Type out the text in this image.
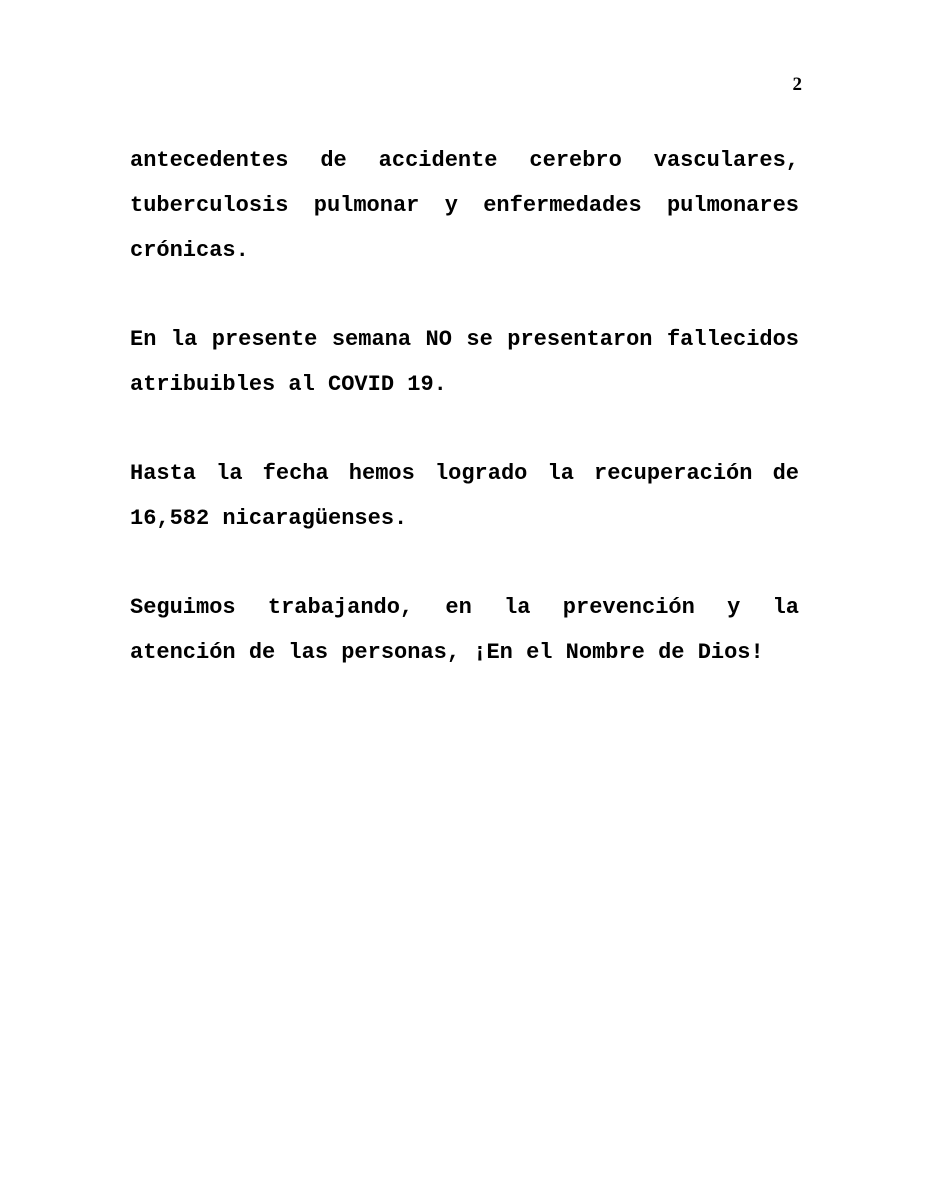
2

antecedentes de accidente cerebro vasculares, tuberculosis pulmonar y enfermedades pulmonares crónicas.

En la presente semana NO se presentaron fallecidos atribuibles al COVID 19.

Hasta la fecha hemos logrado la recuperación de 16,582 nicaragüenses.

Seguimos trabajando, en la prevención y la atención de las personas, ¡En el Nombre de Dios!
